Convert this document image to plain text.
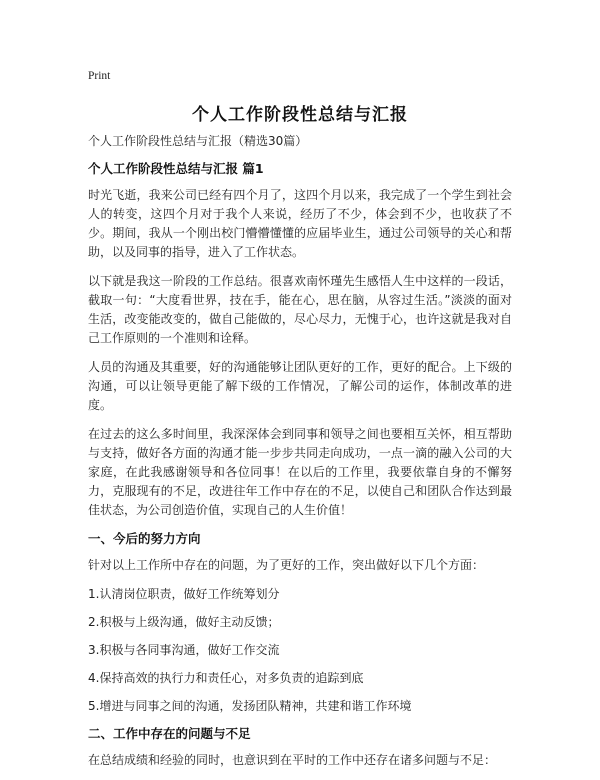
Print
个人工作阶段性总结与汇报
个人工作阶段性总结与汇报（精选30篇）
个人工作阶段性总结与汇报 篇1

时光飞逝，我来公司已经有四个月了，这四个月以来，我完成了一个学生到社会人的转变，这四个月对于我个人来说，经历了不少，体会到不少，也收获了不少。期间，我从一个刚出校门懵懵懂懂的应届毕业生，通过公司领导的关心和帮助，以及同事的指导，进入了工作状态。

以下就是我这一阶段的工作总结。很喜欢南怀瑾先生感悟人生中这样的一段话，截取一句：“大度看世界，技在手，能在心，思在脑，从容过生活。”淡淡的面对生活，改变能改变的，做自己能做的，尽心尽力，无愧于心，也许这就是我对自己工作原则的一个准则和诠释。

人员的沟通及其重要，好的沟通能够让团队更好的工作，更好的配合。上下级的沟通，可以让领导更能了解下级的工作情况，了解公司的运作，体制改革的进度。

在过去的这么多时间里，我深深体会到同事和领导之间也要相互关怀，相互帮助与支持，做好各方面的沟通才能一步步共同走向成功，一点一滴的融入公司的大家庭，在此我感谢领导和各位同事！在以后的工作里，我要依靠自身的不懈努力，克服现有的不足，改进往年工作中存在的不足，以使自己和团队合作达到最佳状态，为公司创造价值，实现自己的人生价值！

一、今后的努力方向

针对以上工作所中存在的问题，为了更好的工作，突出做好以下几个方面：

1.认清岗位职责，做好工作统筹划分
2.积极与上级沟通，做好主动反馈；
3.积极与各同事沟通，做好工作交流
4.保持高效的执行力和责任心，对多负责的追踪到底
5.增进与同事之间的沟通，发扬团队精神，共建和谐工作环境
二、工作中存在的问题与不足

在总结成绩和经验的同时，也意识到在平时的工作中还存在诸多问题与不足：
